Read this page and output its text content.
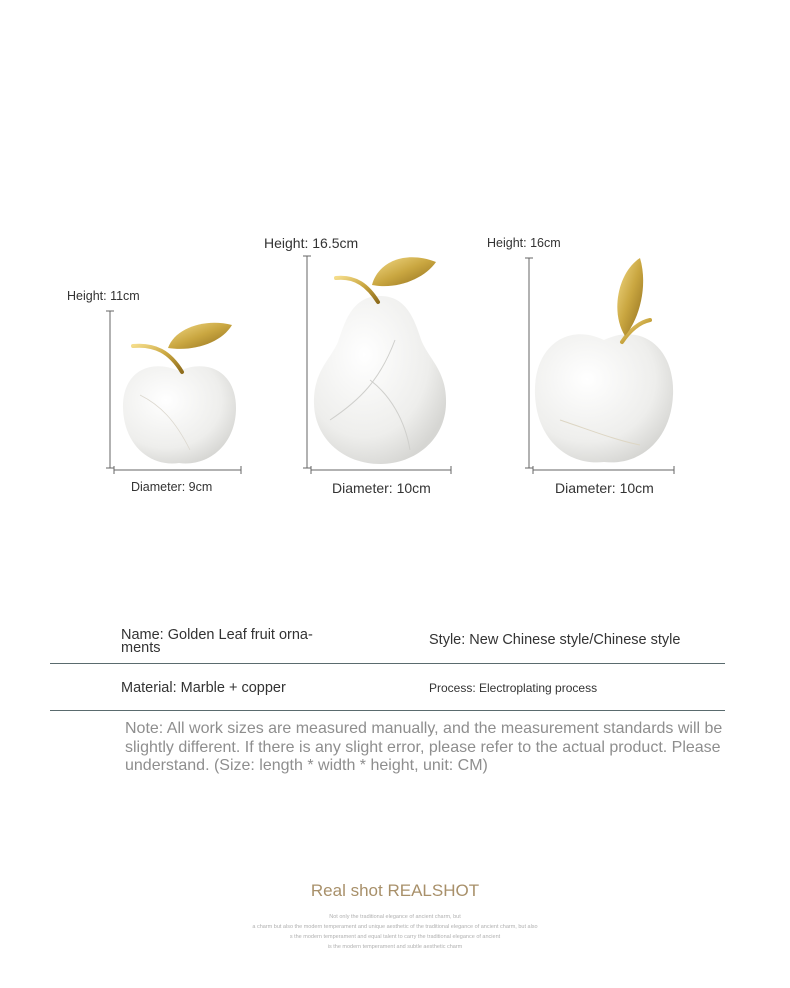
Height: 11cm
Diameter: 9cm
Height: 16.5cm
Diameter: 10cm
Height: 16cm
Diameter: 10cm
Name: Golden Leaf fruit orna-
ments	Style: New Chinese style/Chinese style
Material: Marble + copper	Process: Electroplating process
Note: All work sizes are measured manually, and the measurement standards will be slightly different. If there is any slight error, please refer to the actual product. Please understand. (Size: length * width * height, unit: CM)
Real shot REALSHOT
Not only the traditional elegance of ancient charm, but
a charm but also the modern temperament and unique aesthetic of the traditional elegance of ancient charm, but also
s the modern temperament and equal talent to carry the traditional elegance of ancient
is the modern temperament and subtle aesthetic charm
